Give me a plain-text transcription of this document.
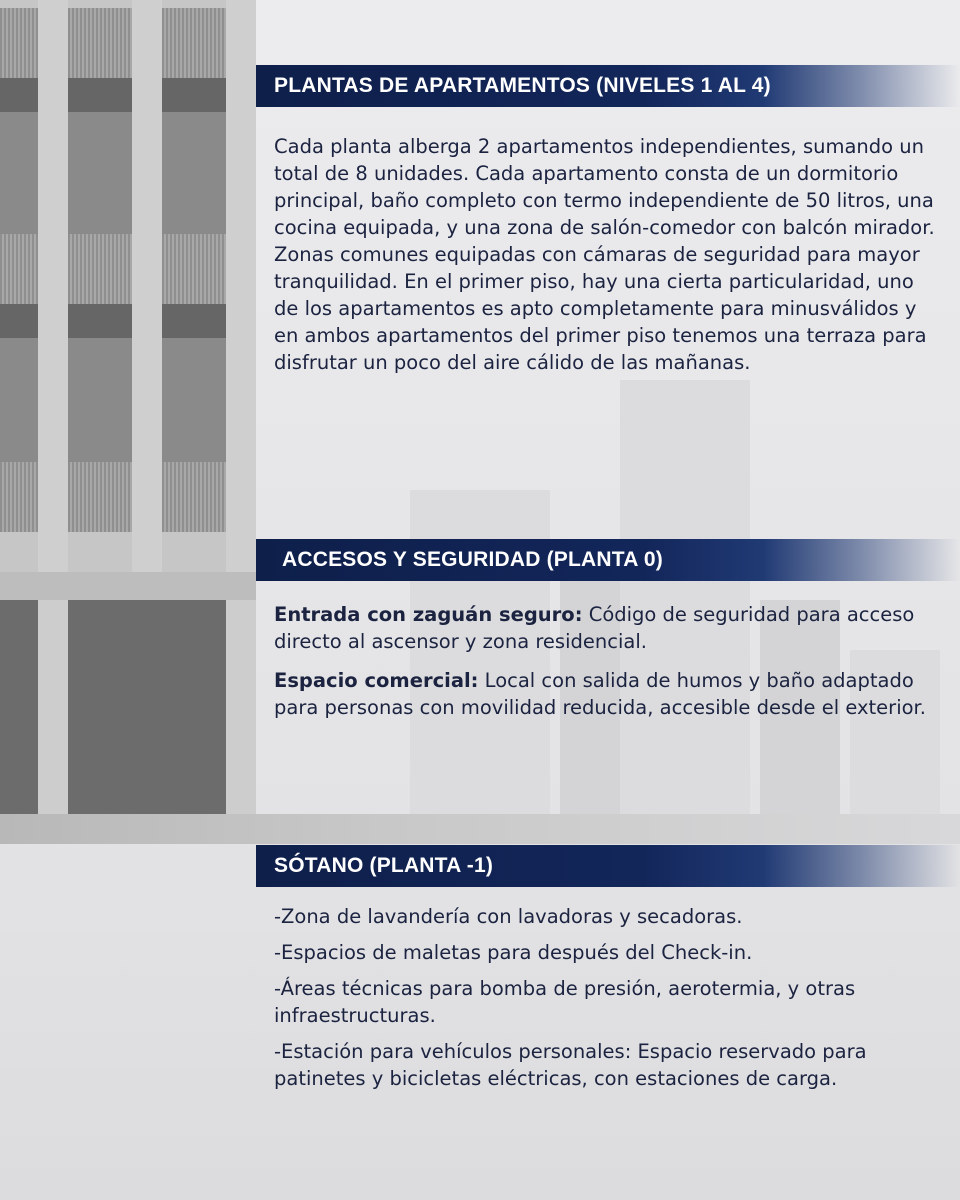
PLANTAS DE APARTAMENTOS (NIVELES 1 AL 4)

Cada planta alberga 2 apartamentos independientes, sumando un total de 8 unidades. Cada apartamento consta de un dormitorio principal, baño completo con termo independiente de 50 litros, una cocina equipada, y una zona de salón-comedor con balcón mirador. Zonas comunes equipadas con cámaras de seguridad para mayor tranquilidad. En el primer piso, hay una cierta particularidad, uno de los apartamentos es apto completamente para minusválidos y en ambos apartamentos del primer piso tenemos una terraza para disfrutar un poco del aire cálido de las mañanas.

ACCESOS Y SEGURIDAD (PLANTA 0)

Entrada con zaguán seguro: Código de seguridad para acceso directo al ascensor y zona residencial.

Espacio comercial: Local con salida de humos y baño adaptado para personas con movilidad reducida, accesible desde el exterior.

SÓTANO (PLANTA -1)

-Zona de lavandería con lavadoras y secadoras.

-Espacios de maletas para después del Check-in.

-Áreas técnicas para bomba de presión, aerotermia, y otras infraestructuras.

-Estación para vehículos personales: Espacio reservado para patinetes y bicicletas eléctricas, con estaciones de carga.
